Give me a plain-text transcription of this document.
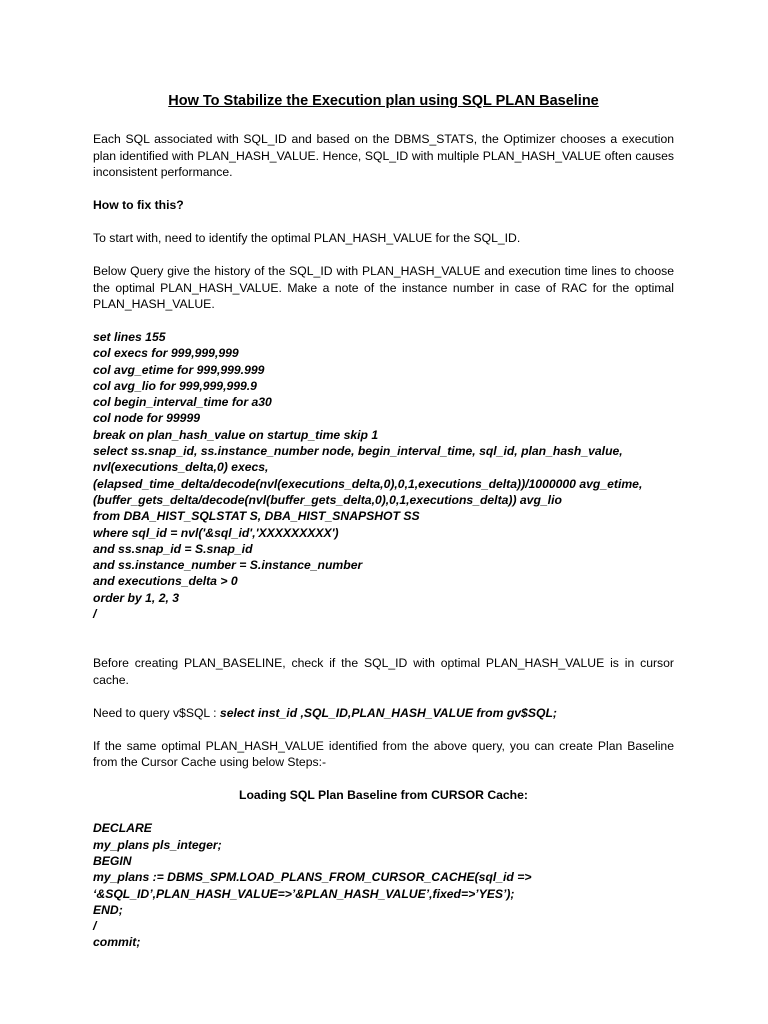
How To Stabilize the Execution plan using SQL PLAN Baseline

Each SQL associated with SQL_ID and based on the DBMS_STATS, the Optimizer chooses a execution plan identified with PLAN_HASH_VALUE. Hence, SQL_ID with multiple PLAN_HASH_VALUE often causes inconsistent performance.

How to fix this?

To start with, need to identify the optimal PLAN_HASH_VALUE for the SQL_ID.

Below Query give the history of the SQL_ID with PLAN_HASH_VALUE and execution time lines to choose the optimal PLAN_HASH_VALUE. Make a note of the instance number in case of RAC for the optimal PLAN_HASH_VALUE.

set lines 155

col execs for 999,999,999

col avg_etime for 999,999.999

col avg_lio for 999,999,999.9

col begin_interval_time for a30

col node for 99999

break on plan_hash_value on startup_time skip 1

select ss.snap_id, ss.instance_number node, begin_interval_time, sql_id, plan_hash_value,

nvl(executions_delta,0) execs,

(elapsed_time_delta/decode(nvl(executions_delta,0),0,1,executions_delta))/1000000 avg_etime,

(buffer_gets_delta/decode(nvl(buffer_gets_delta,0),0,1,executions_delta)) avg_lio

from DBA_HIST_SQLSTAT S, DBA_HIST_SNAPSHOT SS

where sql_id = nvl('&sql_id','XXXXXXXXX')

and ss.snap_id = S.snap_id

and ss.instance_number = S.instance_number

and executions_delta > 0

order by 1, 2, 3

/

Before creating PLAN_BASELINE, check if the SQL_ID with optimal PLAN_HASH_VALUE is in cursor cache.

Need to query v$SQL : select inst_id ,SQL_ID,PLAN_HASH_VALUE from gv$SQL;

If the same optimal PLAN_HASH_VALUE identified from the above query, you can create Plan Baseline from the Cursor Cache using below Steps:-

Loading SQL Plan Baseline from CURSOR Cache:

DECLARE

my_plans pls_integer;

BEGIN

my_plans := DBMS_SPM.LOAD_PLANS_FROM_CURSOR_CACHE(sql_id =>

‘&SQL_ID’,PLAN_HASH_VALUE=>’&PLAN_HASH_VALUE’,fixed=>’YES’);

END;

/

commit;
